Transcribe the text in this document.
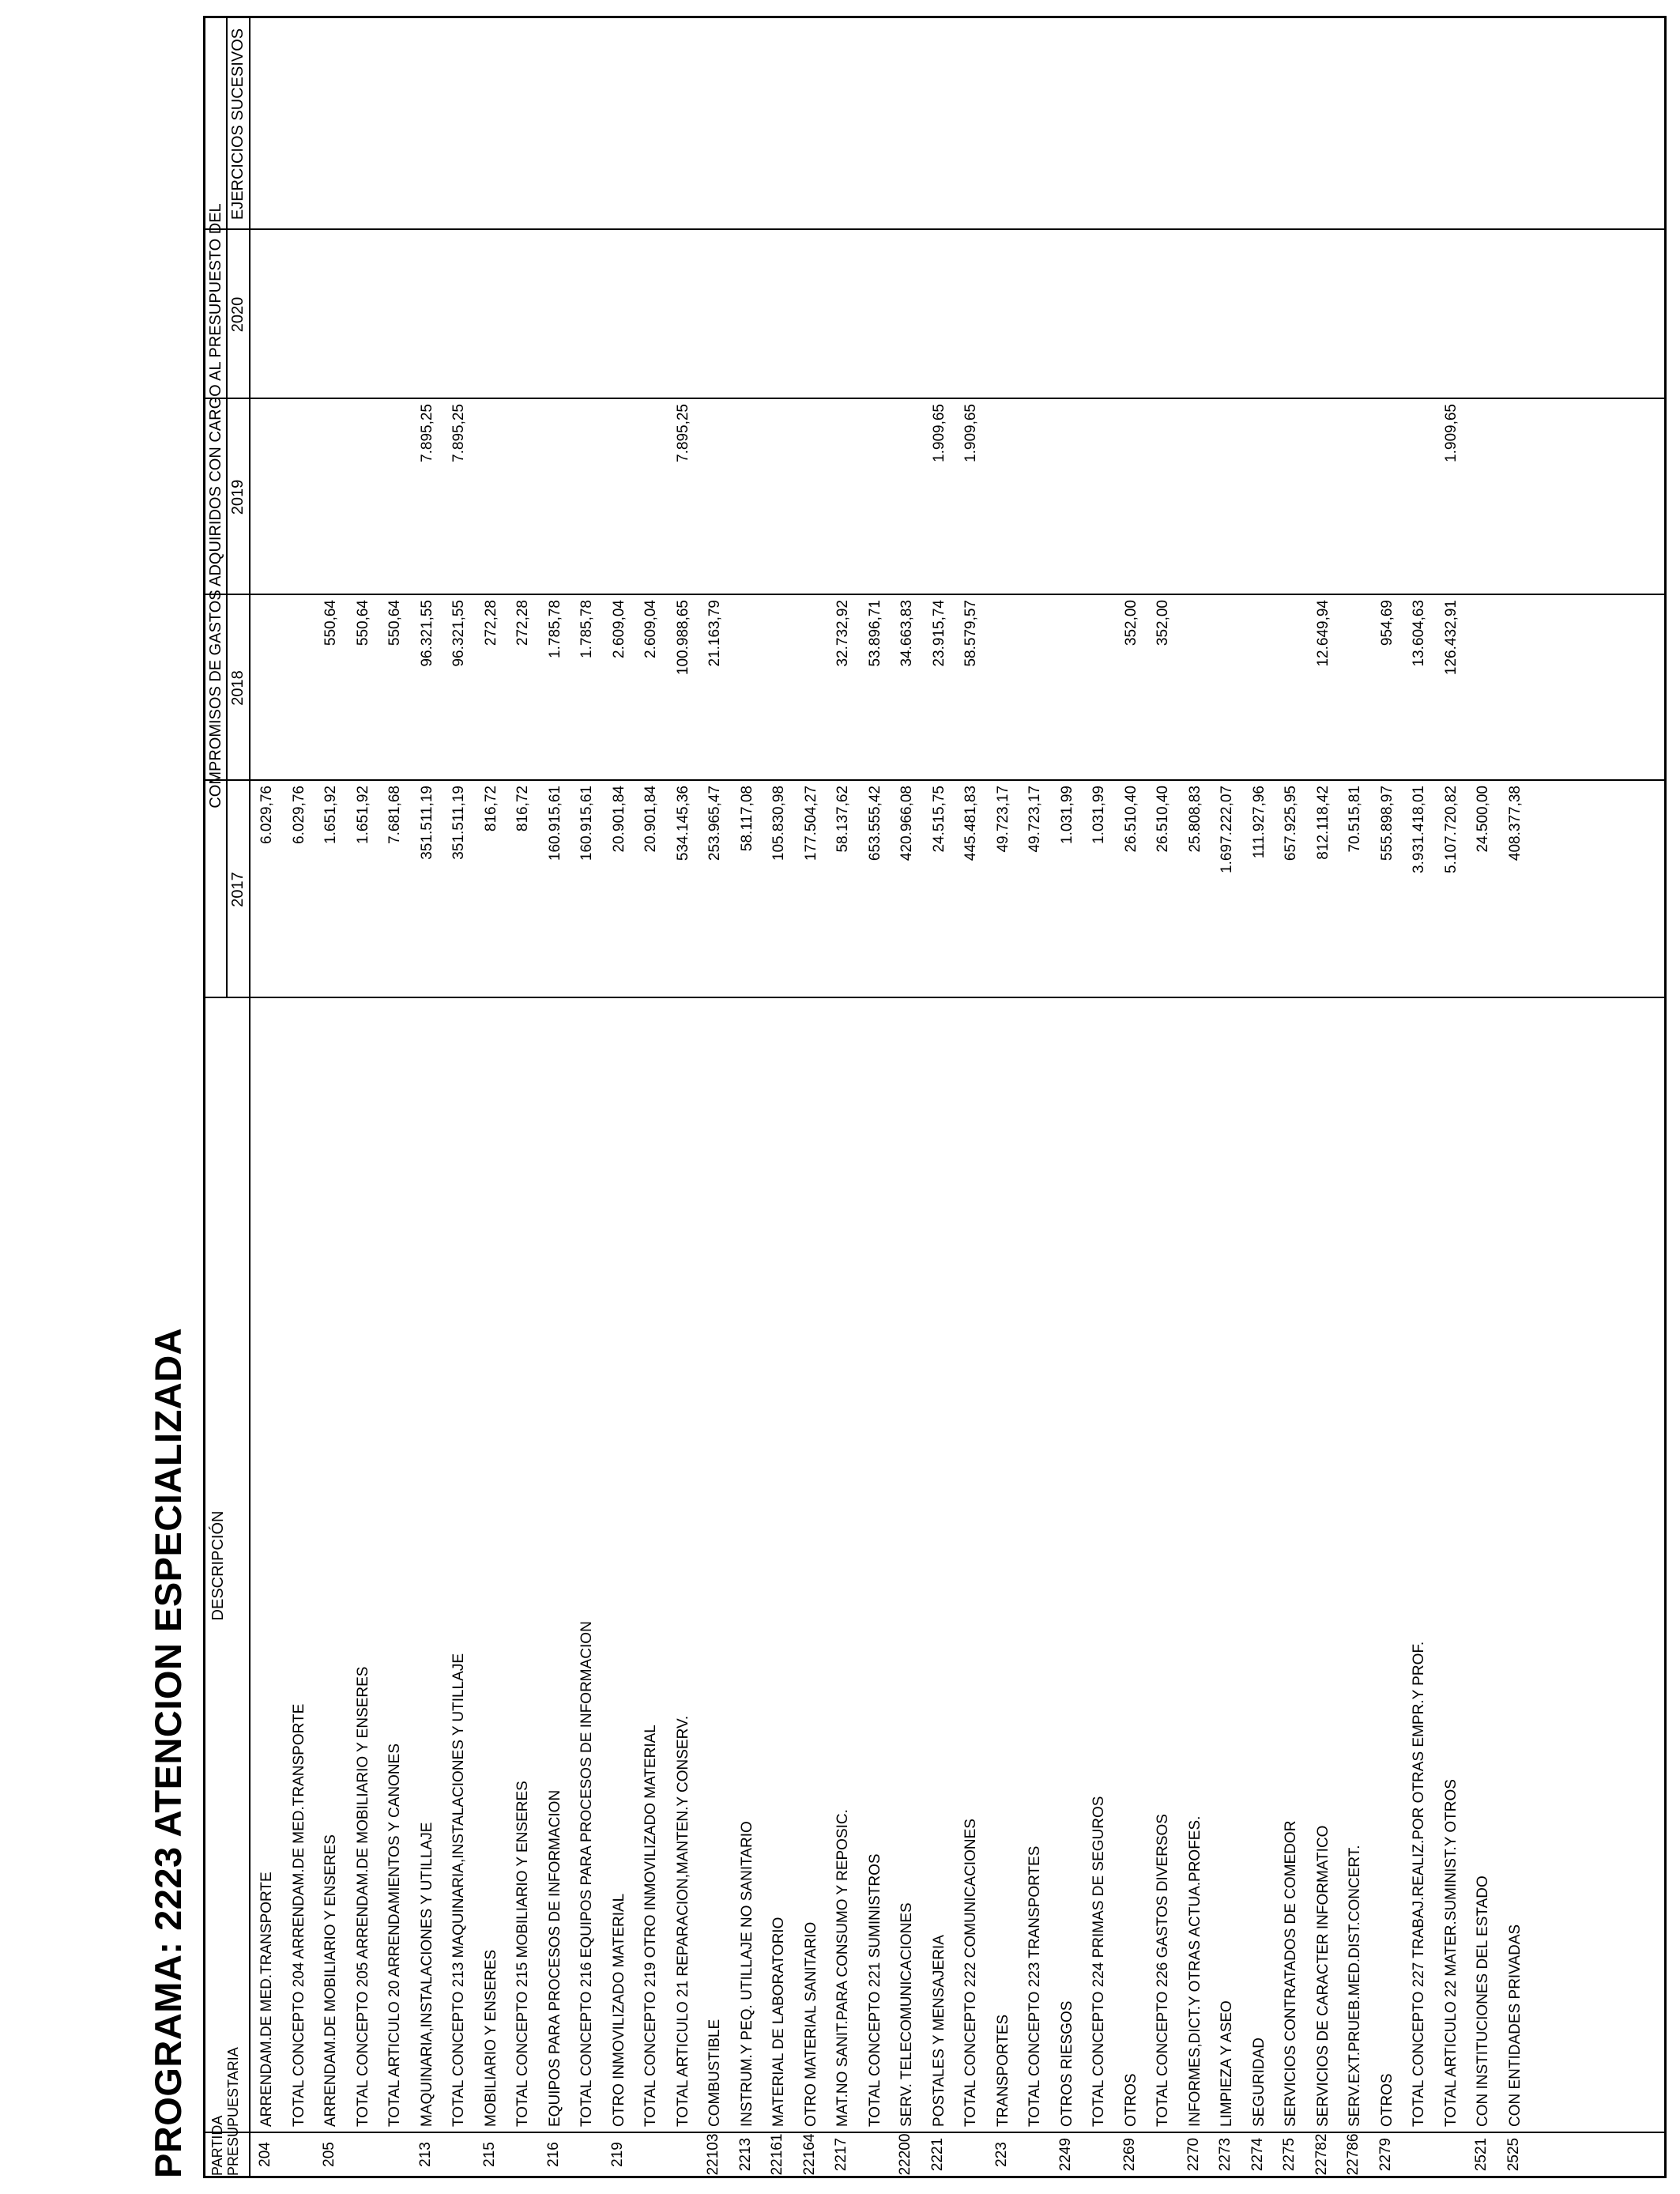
PROGRAMA: 2223 ATENCION ESPECIALIZADA PARTIDA
PRESUPUESTARIA
DESCRIPCIÓN
COMPROMISOS DE GASTOS ADQUIRIDOS CON CARGO AL PRESUPUESTO DEL
2017
2018
2019
2020
EJERCICIOS SUCESIVOS
204
ARRENDAM.DE MED.TRANSPORTE
6.029,76
TOTAL CONCEPTO 204 ARRENDAM.DE MED.TRANSPORTE
6.029,76
205
ARRENDAM.DE MOBILIARIO Y ENSERES
1.651,92
550,64
TOTAL CONCEPTO 205 ARRENDAM.DE MOBILIARIO Y ENSERES
1.651,92
550,64
TOTAL ARTICULO 20 ARRENDAMIENTOS Y CANONES
7.681,68
550,64
213
MAQUINARIA,INSTALACIONES Y UTILLAJE
351.511,19
96.321,55
7.895,25
TOTAL CONCEPTO 213 MAQUINARIA,INSTALACIONES Y UTILLAJE
351.511,19
96.321,55
7.895,25
215
MOBILIARIO Y ENSERES
816,72
272,28
TOTAL CONCEPTO 215 MOBILIARIO Y ENSERES
816,72
272,28
216
EQUIPOS PARA PROCESOS DE INFORMACION
160.915,61
1.785,78
TOTAL CONCEPTO 216 EQUIPOS PARA PROCESOS DE INFORMACION
160.915,61
1.785,78
219
OTRO INMOVILIZADO MATERIAL
20.901,84
2.609,04
TOTAL CONCEPTO 219 OTRO INMOVILIZADO MATERIAL
20.901,84
2.609,04
TOTAL ARTICULO 21 REPARACION,MANTEN.Y CONSERV.
534.145,36
100.988,65
7.895,25
22103
COMBUSTIBLE
253.965,47
21.163,79
2213
INSTRUM.Y PEQ. UTILLAJE NO SANITARIO
58.117,08
22161
MATERIAL DE LABORATORIO
105.830,98
22164
OTRO MATERIAL SANITARIO
177.504,27
2217
MAT.NO SANIT.PARA CONSUMO Y REPOSIC.
58.137,62
32.732,92
TOTAL CONCEPTO 221 SUMINISTROS
653.555,42
53.896,71
22200
SERV. TELECOMUNICACIONES
420.966,08
34.663,83
2221
POSTALES Y MENSAJERIA
24.515,75
23.915,74
1.909,65
TOTAL CONCEPTO 222 COMUNICACIONES
445.481,83
58.579,57
1.909,65
223
TRANSPORTES
49.723,17
TOTAL CONCEPTO 223 TRANSPORTES
49.723,17
2249
OTROS RIESGOS
1.031,99
TOTAL CONCEPTO 224 PRIMAS DE SEGUROS
1.031,99
2269
OTROS
26.510,40
352,00
TOTAL CONCEPTO 226 GASTOS DIVERSOS
26.510,40
352,00
2270
INFORMES,DICT.Y OTRAS ACTUA.PROFES.
25.808,83
2273
LIMPIEZA Y ASEO
1.697.222,07
2274
SEGURIDAD
111.927,96
2275
SERVICIOS CONTRATADOS DE COMEDOR
657.925,95
22782
SERVICIOS DE CARACTER INFORMATICO
812.118,42
12.649,94
22786
SERV.EXT.PRUEB.MED.DIST.CONCERT.
70.515,81
2279
OTROS
555.898,97
954,69
TOTAL CONCEPTO 227 TRABAJ.REALIZ.POR OTRAS EMPR.Y PROF.
3.931.418,01
13.604,63
TOTAL ARTICULO 22 MATER.SUMINIST.Y OTROS
5.107.720,82
126.432,91
1.909,65
2521
CON INSTITUCIONES DEL ESTADO
24.500,00
2525
CON ENTIDADES PRIVADAS
408.377,38
